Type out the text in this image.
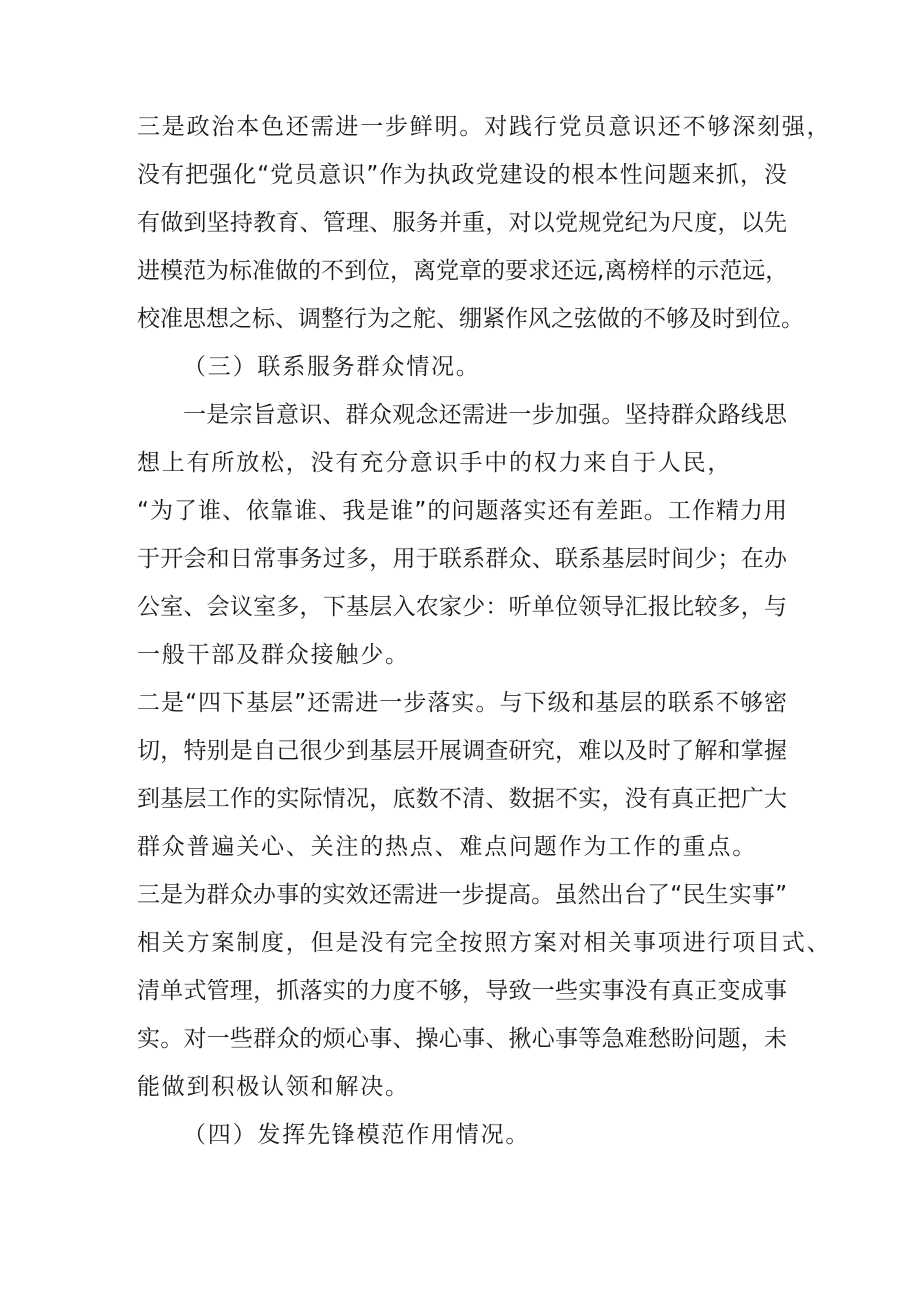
三是政治本色还需进一步鲜明。对践行党员意识还不够深刻强，
没有把强化“党员意识”作为执政党建设的根本性问题来抓，没
有做到坚持教育、管理、服务并重，对以党规党纪为尺度，以先
进模范为标准做的不到位，离党章的要求还远,离榜样的示范远，
校准思想之标、调整行为之舵、绷紧作风之弦做的不够及时到位。
（三）联系服务群众情况。
一是宗旨意识、群众观念还需进一步加强。坚持群众路线思
想上有所放松，没有充分意识手中的权力来自于人民，
“为了谁、依靠谁、我是谁”的问题落实还有差距。工作精力用
于开会和日常事务过多，用于联系群众、联系基层时间少；在办
公室、会议室多，下基层入农家少：听单位领导汇报比较多，与
一般干部及群众接触少。
二是“四下基层”还需进一步落实。与下级和基层的联系不够密
切，特别是自己很少到基层开展调查研究，难以及时了解和掌握
到基层工作的实际情况，底数不清、数据不实，没有真正把广大
群众普遍关心、关注的热点、难点问题作为工作的重点。
三是为群众办事的实效还需进一步提高。虽然出台了“民生实事”
相关方案制度，但是没有完全按照方案对相关事项进行项目式、
清单式管理，抓落实的力度不够，导致一些实事没有真正变成事
实。对一些群众的烦心事、操心事、揪心事等急难愁盼问题，未
能做到积极认领和解决。
（四）发挥先锋模范作用情况。
